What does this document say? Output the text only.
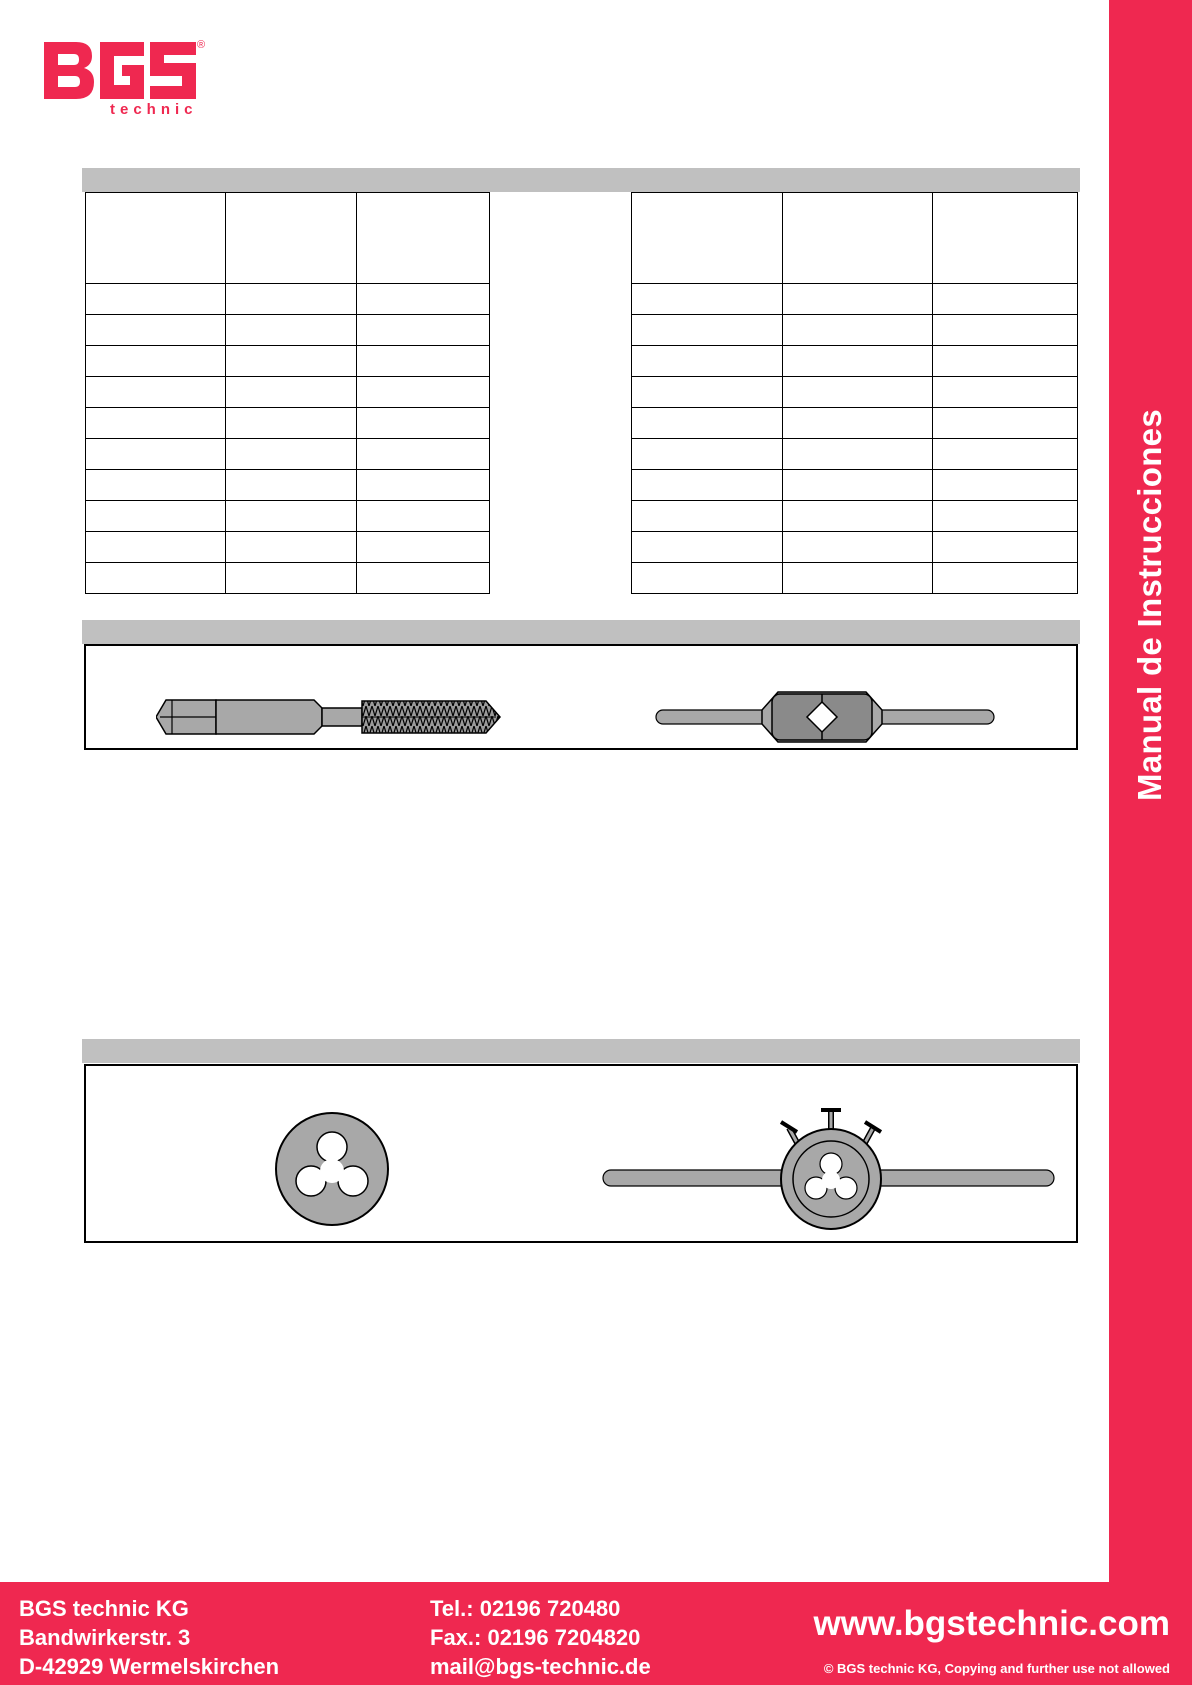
®
technic
Manual de Instrucciones

BGS technic KG
Bandwirkerstr. 3
D-42929 Wermelskirchen
Tel.: 02196 720480
Fax.: 02196 7204820
mail@bgs-technic.de
www.bgstechnic.com
© BGS technic KG, Copying and further use not allowed
